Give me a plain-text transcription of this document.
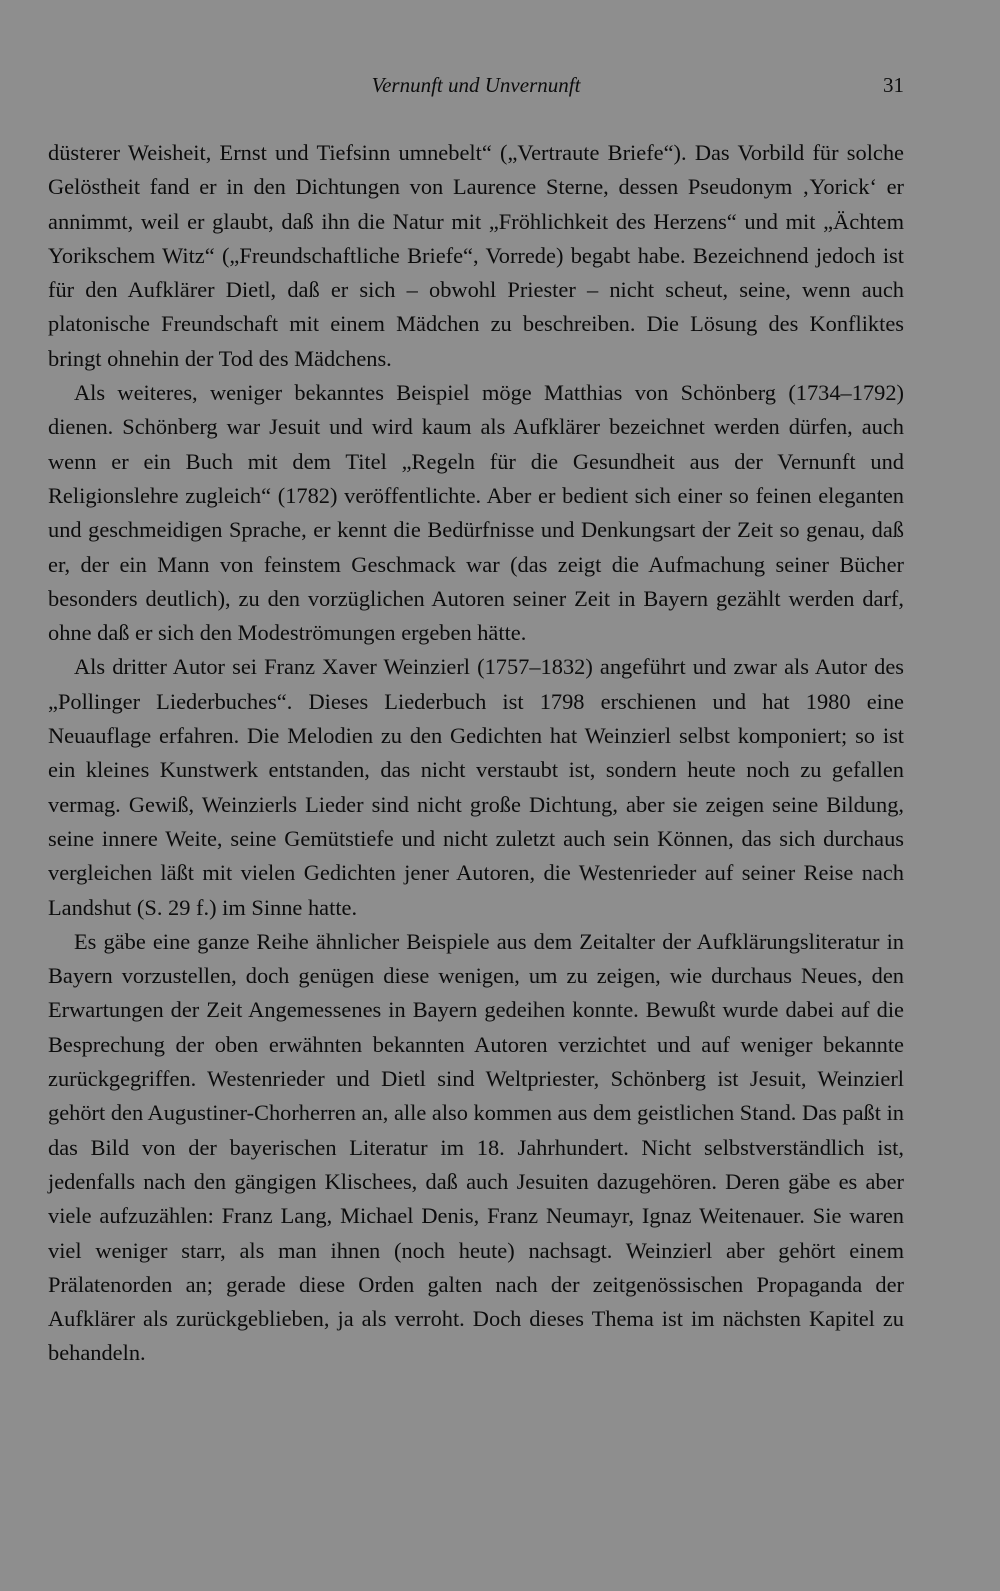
Vernunft und Unvernunft	31

düsterer Weisheit, Ernst und Tiefsinn umnebelt“ („Vertraute Briefe“). Das Vorbild für solche Gelöstheit fand er in den Dichtungen von Laurence Sterne, dessen Pseudonym ‚Yorick‘ er annimmt, weil er glaubt, daß ihn die Natur mit „Fröhlichkeit des Herzens“ und mit „Ächtem Yorikschem Witz“ („Freundschaftliche Briefe“, Vorrede) begabt habe. Bezeichnend jedoch ist für den Aufklärer Dietl, daß er sich – obwohl Priester – nicht scheut, seine, wenn auch platonische Freundschaft mit einem Mädchen zu beschreiben. Die Lösung des Konfliktes bringt ohnehin der Tod des Mädchens.

Als weiteres, weniger bekanntes Beispiel möge Matthias von Schönberg (1734–1792) dienen. Schönberg war Jesuit und wird kaum als Aufklärer bezeichnet werden dürfen, auch wenn er ein Buch mit dem Titel „Regeln für die Gesundheit aus der Vernunft und Religionslehre zugleich“ (1782) veröffentlichte. Aber er bedient sich einer so feinen eleganten und geschmeidigen Sprache, er kennt die Bedürfnisse und Denkungsart der Zeit so genau, daß er, der ein Mann von feinstem Geschmack war (das zeigt die Aufmachung seiner Bücher besonders deutlich), zu den vorzüglichen Autoren seiner Zeit in Bayern gezählt werden darf, ohne daß er sich den Modeströmungen ergeben hätte.

Als dritter Autor sei Franz Xaver Weinzierl (1757–1832) angeführt und zwar als Autor des „Pollinger Liederbuches“. Dieses Liederbuch ist 1798 erschienen und hat 1980 eine Neuauflage erfahren. Die Melodien zu den Gedichten hat Weinzierl selbst komponiert; so ist ein kleines Kunstwerk entstanden, das nicht verstaubt ist, sondern heute noch zu gefallen vermag. Gewiß, Weinzierls Lieder sind nicht große Dichtung, aber sie zeigen seine Bildung, seine innere Weite, seine Gemütstiefe und nicht zuletzt auch sein Können, das sich durchaus vergleichen läßt mit vielen Gedichten jener Autoren, die Westenrieder auf seiner Reise nach Landshut (S. 29 f.) im Sinne hatte.

Es gäbe eine ganze Reihe ähnlicher Beispiele aus dem Zeitalter der Aufklärungsliteratur in Bayern vorzustellen, doch genügen diese wenigen, um zu zeigen, wie durchaus Neues, den Erwartungen der Zeit Angemessenes in Bayern gedeihen konnte. Bewußt wurde dabei auf die Besprechung der oben erwähnten bekannten Autoren verzichtet und auf weniger bekannte zurückgegriffen. Westenrieder und Dietl sind Weltpriester, Schönberg ist Jesuit, Weinzierl gehört den Augustiner-Chorherren an, alle also kommen aus dem geistlichen Stand. Das paßt in das Bild von der bayerischen Literatur im 18. Jahrhundert. Nicht selbstverständlich ist, jedenfalls nach den gängigen Klischees, daß auch Jesuiten dazugehören. Deren gäbe es aber viele aufzuzählen: Franz Lang, Michael Denis, Franz Neumayr, Ignaz Weitenauer. Sie waren viel weniger starr, als man ihnen (noch heute) nachsagt. Weinzierl aber gehört einem Prälatenorden an; gerade diese Orden galten nach der zeitgenössischen Propaganda der Aufklärer als zurückgeblieben, ja als verroht. Doch dieses Thema ist im nächsten Kapitel zu behandeln.
